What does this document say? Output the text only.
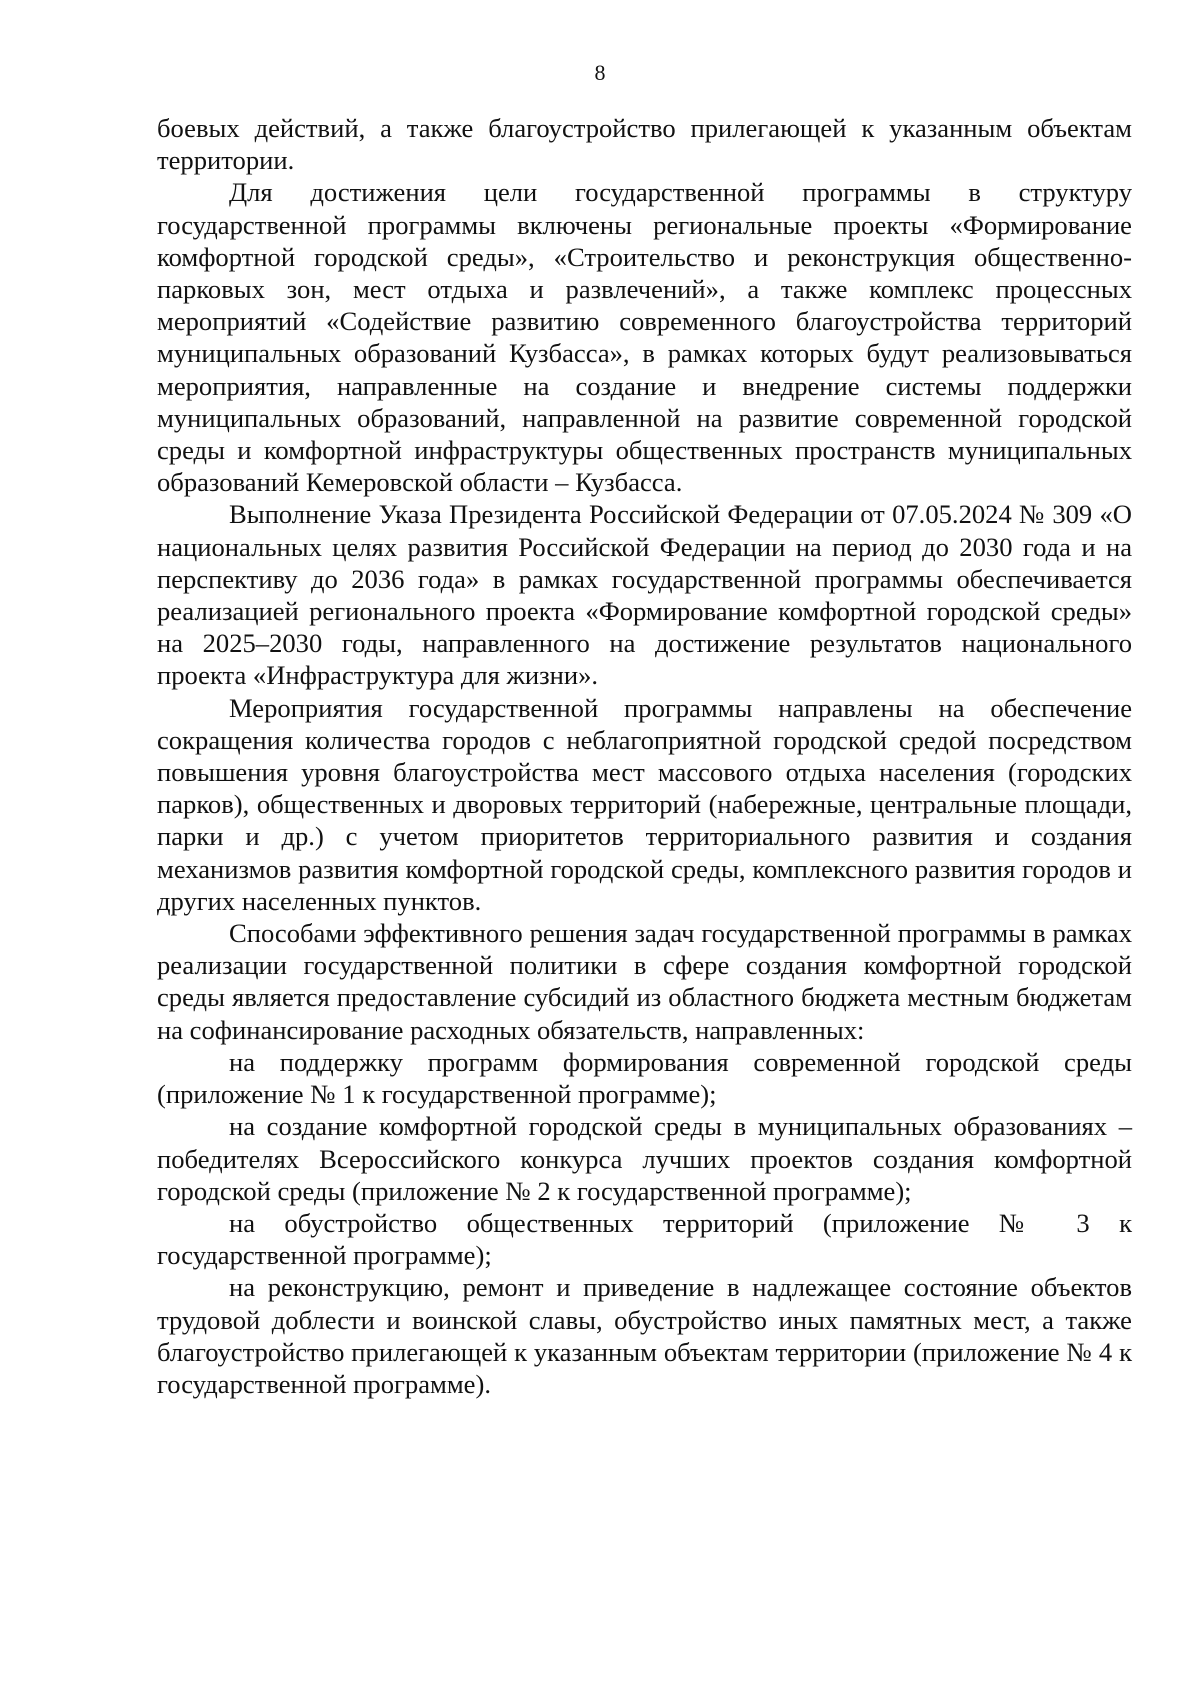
8

боевых действий, а также благоустройство прилегающей к указанным объектам территории.

Для достижения цели государственной программы в структуру государственной программы включены региональные проекты «Формирование комфортной городской среды», «Строительство и реконструкция общественно-парковых зон, мест отдыха и развлечений», а также комплекс процессных мероприятий «Содействие развитию современного благоустройства территорий муниципальных образований Кузбасса», в рамках которых будут реализовываться мероприятия, направленные на создание и внедрение системы поддержки муниципальных образований, направленной на развитие современной городской среды и комфортной инфраструктуры общественных пространств муниципальных образований Кемеровской области – Кузбасса.

Выполнение Указа Президента Российской Федерации от 07.05.2024 № 309 «О национальных целях развития Российской Федерации на период до 2030 года и на перспективу до 2036 года» в рамках государственной программы обеспечивается реализацией регионального проекта «Формирование комфортной городской среды» на 2025–2030 годы, направленного на достижение результатов национального проекта «Инфраструктура для жизни».

Мероприятия государственной программы направлены на обеспечение сокращения количества городов с неблагоприятной городской средой посредством повышения уровня благоустройства мест массового отдыха населения (городских парков), общественных и дворовых территорий (набережные, центральные площади, парки и др.) с учетом приоритетов территориального развития и создания механизмов развития комфортной городской среды, комплексного развития городов и других населенных пунктов.

Способами эффективного решения задач государственной программы в рамках реализации государственной политики в сфере создания комфортной городской среды является предоставление субсидий из областного бюджета местным бюджетам на софинансирование расходных обязательств, направленных:

на поддержку программ формирования современной городской среды (приложение № 1 к государственной программе);

на создание комфортной городской среды в муниципальных образованиях – победителях Всероссийского конкурса лучших проектов создания комфортной городской среды (приложение № 2 к государственной программе);

на обустройство общественных территорий (приложение № 3 к государственной программе);

на реконструкцию, ремонт и приведение в надлежащее состояние объектов трудовой доблести и воинской славы, обустройство иных памятных мест, а также благоустройство прилегающей к указанным объектам территории (приложение № 4 к государственной программе).
